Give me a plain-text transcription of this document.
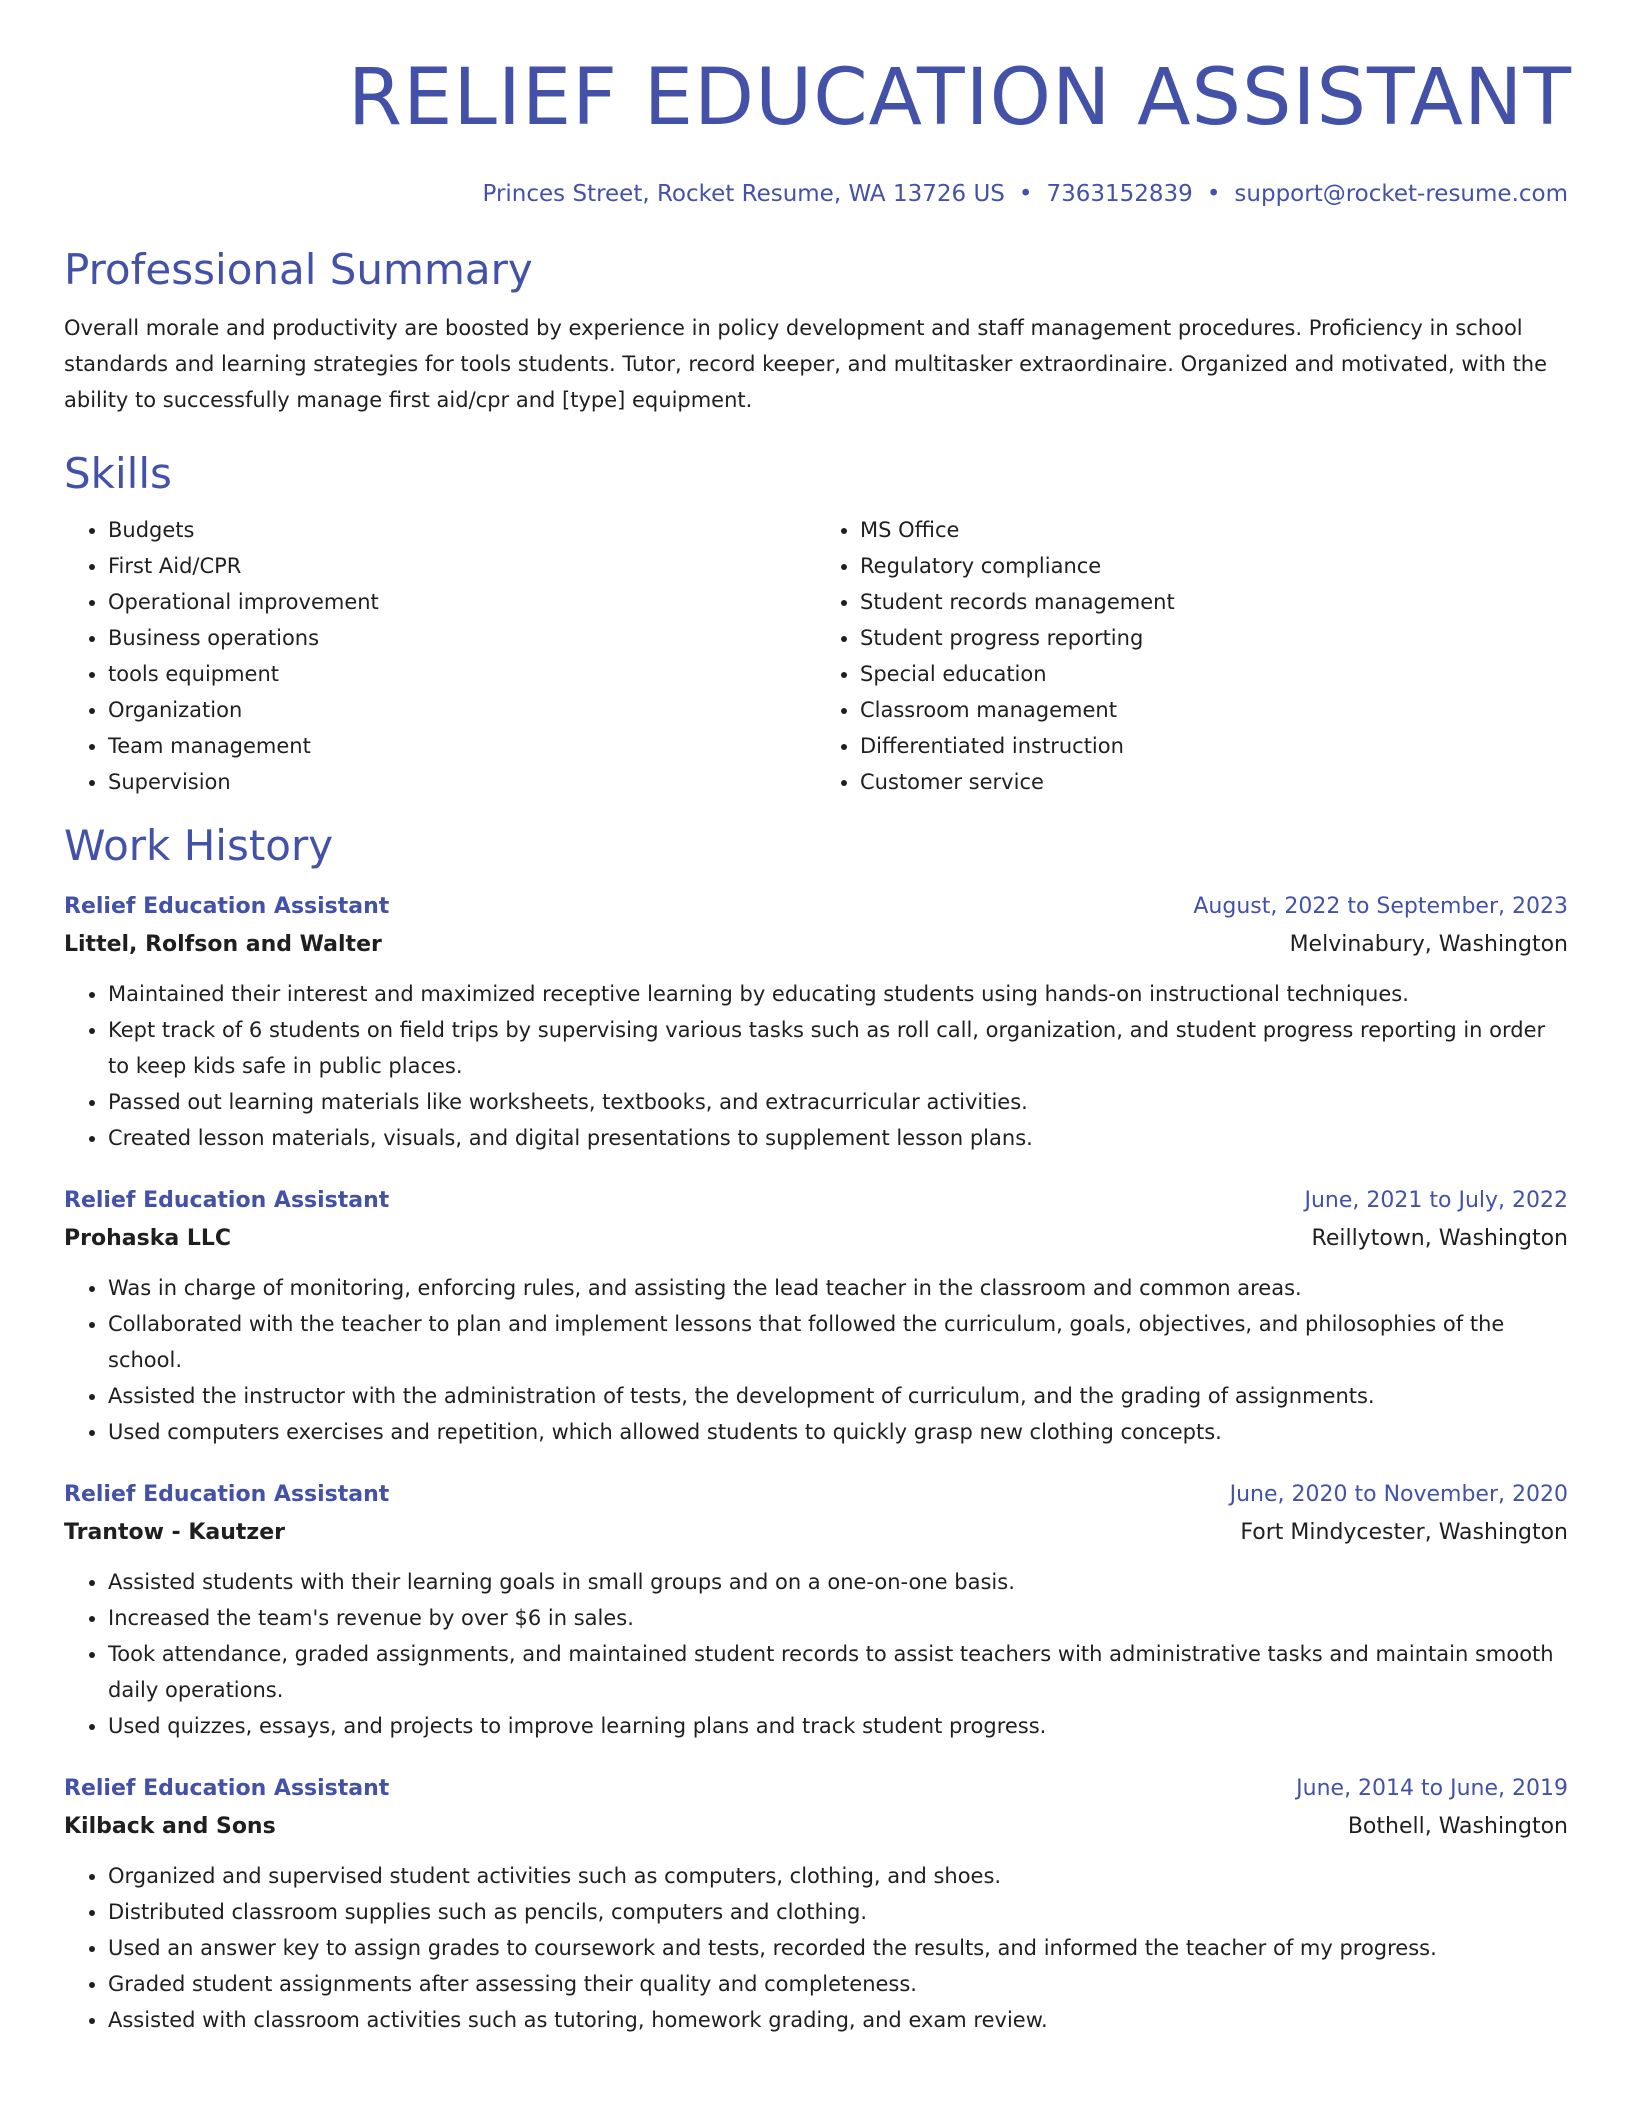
RELIEF EDUCATION ASSISTANT
Princes Street, Rocket Resume, WA 13726 US • 7363152839 • support@rocket-resume.com
Professional Summary
Overall morale and productivity are boosted by experience in policy development and staff management procedures. Proficiency in school standards and learning strategies for tools students. Tutor, record keeper, and multitasker extraordinaire. Organized and motivated, with the ability to successfully manage first aid/cpr and [type] equipment.
Skills
• Budgets
• First Aid/CPR
• Operational improvement
• Business operations
• tools equipment
• Organization
• Team management
• Supervision
• MS Office
• Regulatory compliance
• Student records management
• Student progress reporting
• Special education
• Classroom management
• Differentiated instruction
• Customer service
Work History
Relief Education Assistant	August, 2022 to September, 2023
Littel, Rolfson and Walter	Melvinabury, Washington
• Maintained their interest and maximized receptive learning by educating students using hands-on instructional techniques.
• Kept track of 6 students on field trips by supervising various tasks such as roll call, organization, and student progress reporting in order to keep kids safe in public places.
• Passed out learning materials like worksheets, textbooks, and extracurricular activities.
• Created lesson materials, visuals, and digital presentations to supplement lesson plans.
Relief Education Assistant	June, 2021 to July, 2022
Prohaska LLC	Reillytown, Washington
• Was in charge of monitoring, enforcing rules, and assisting the lead teacher in the classroom and common areas.
• Collaborated with the teacher to plan and implement lessons that followed the curriculum, goals, objectives, and philosophies of the school.
• Assisted the instructor with the administration of tests, the development of curriculum, and the grading of assignments.
• Used computers exercises and repetition, which allowed students to quickly grasp new clothing concepts.
Relief Education Assistant	June, 2020 to November, 2020
Trantow - Kautzer	Fort Mindycester, Washington
• Assisted students with their learning goals in small groups and on a one-on-one basis.
• Increased the team's revenue by over $6 in sales.
• Took attendance, graded assignments, and maintained student records to assist teachers with administrative tasks and maintain smooth daily operations.
• Used quizzes, essays, and projects to improve learning plans and track student progress.
Relief Education Assistant	June, 2014 to June, 2019
Kilback and Sons	Bothell, Washington
• Organized and supervised student activities such as computers, clothing, and shoes.
• Distributed classroom supplies such as pencils, computers and clothing.
• Used an answer key to assign grades to coursework and tests, recorded the results, and informed the teacher of my progress.
• Graded student assignments after assessing their quality and completeness.
• Assisted with classroom activities such as tutoring, homework grading, and exam review.
